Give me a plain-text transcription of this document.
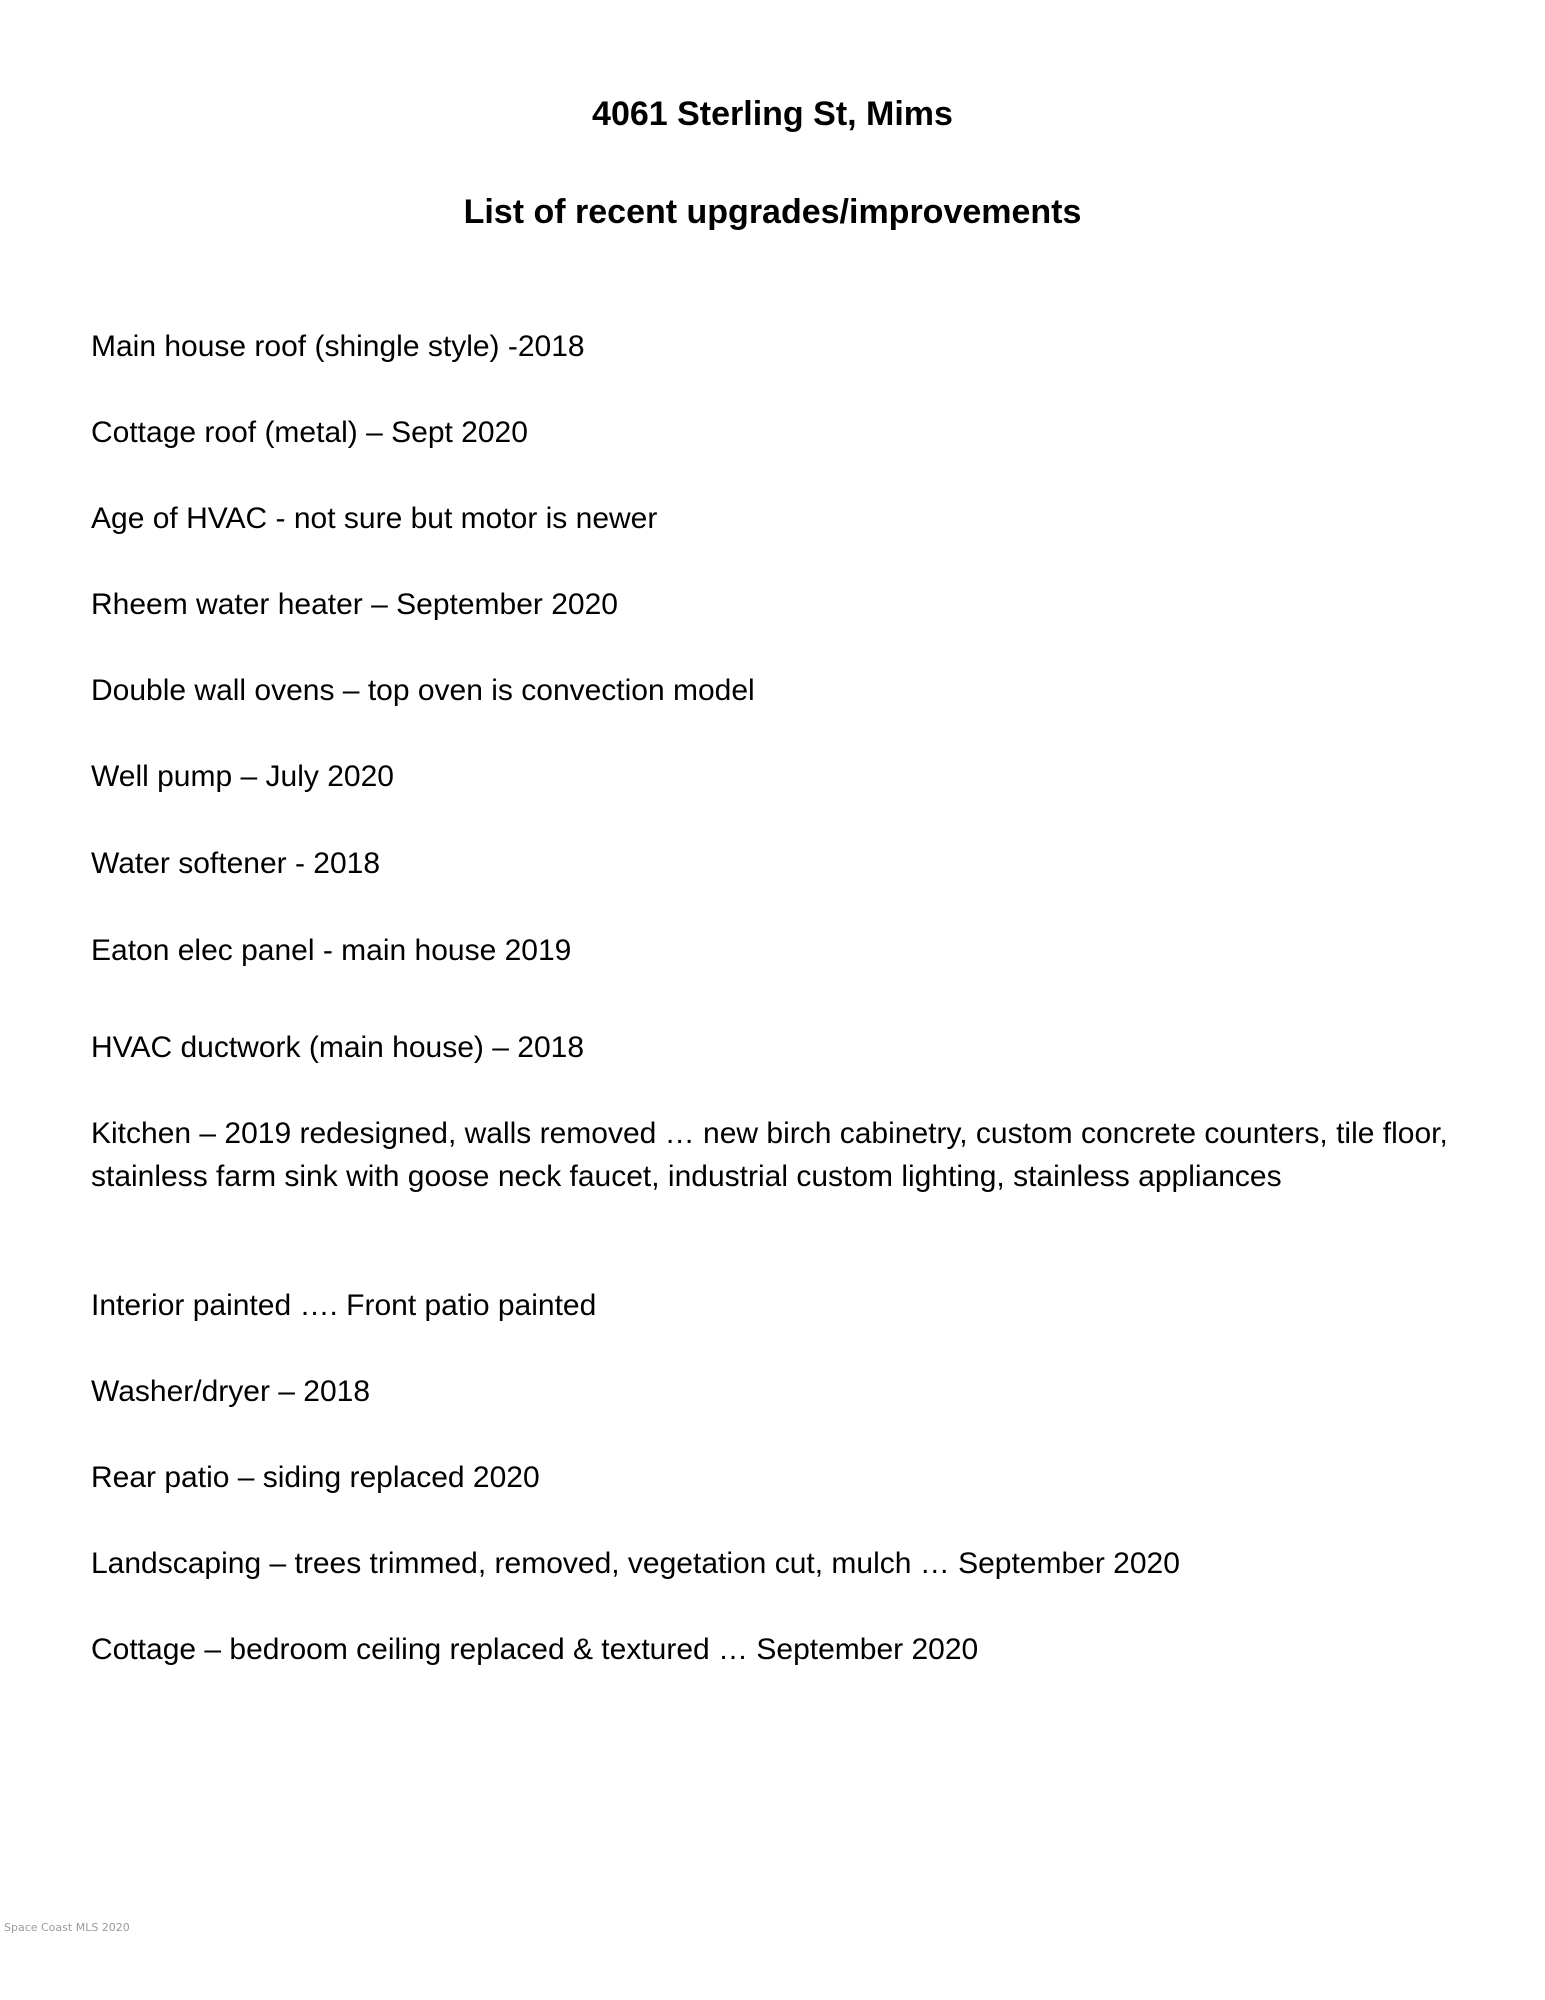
4061 Sterling St, Mims
List of recent upgrades/improvements
Main house roof (shingle style) -2018
Cottage roof (metal) – Sept 2020
Age of HVAC - not sure but motor is newer
Rheem water heater – September 2020
Double wall ovens – top oven is convection model
Well pump – July 2020
Water softener - 2018
Eaton elec panel - main house 2019
HVAC ductwork (main house) – 2018
Kitchen – 2019 redesigned, walls removed … new birch cabinetry, custom concrete counters, tile floor, stainless farm sink with goose neck faucet, industrial custom lighting, stainless appliances
Interior painted …. Front patio painted
Washer/dryer – 2018
Rear patio – siding replaced 2020
Landscaping – trees trimmed, removed, vegetation cut, mulch … September 2020
Cottage – bedroom ceiling replaced & textured … September 2020
Space Coast MLS 2020
